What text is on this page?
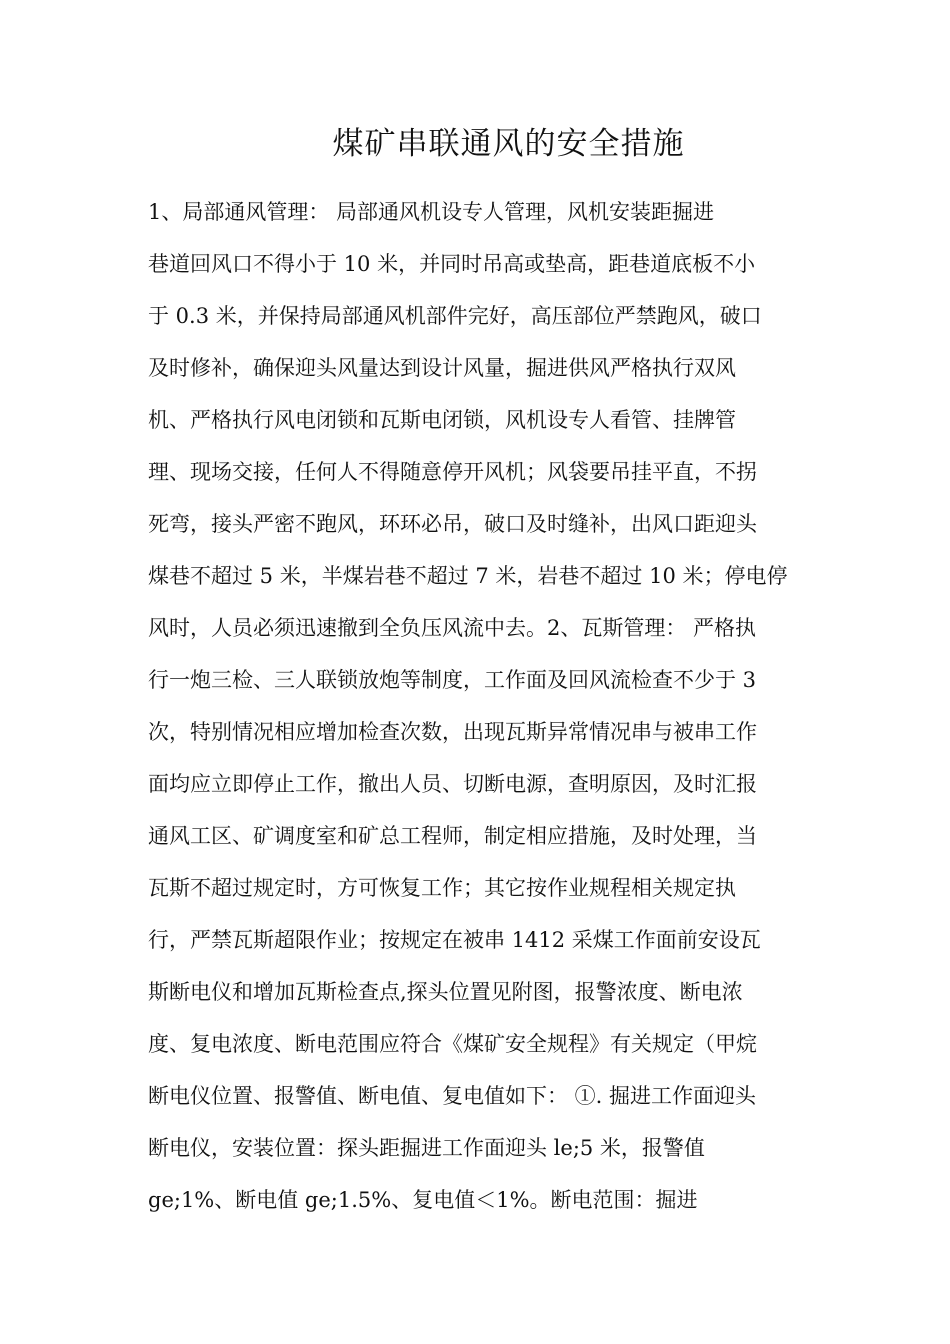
煤矿串联通风的安全措施
1、局部通风管理： 局部通风机设专人管理，风机安装距掘进
巷道回风口不得小于 10 米，并同时吊高或垫高，距巷道底板不小
于 0.3 米，并保持局部通风机部件完好，高压部位严禁跑风，破口
及时修补，确保迎头风量达到设计风量，掘进供风严格执行双风
机、严格执行风电闭锁和瓦斯电闭锁，风机设专人看管、挂牌管
理、现场交接，任何人不得随意停开风机；风袋要吊挂平直，不拐
死弯，接头严密不跑风，环环必吊，破口及时缝补，出风口距迎头
煤巷不超过 5 米，半煤岩巷不超过 7 米，岩巷不超过 10 米；停电停
风时，人员必须迅速撤到全负压风流中去。2、瓦斯管理： 严格执
行一炮三检、三人联锁放炮等制度，工作面及回风流检查不少于 3
次，特别情况相应增加检查次数，出现瓦斯异常情况串与被串工作
面均应立即停止工作，撤出人员、切断电源，查明原因，及时汇报
通风工区、矿调度室和矿总工程师，制定相应措施，及时处理，当
瓦斯不超过规定时，方可恢复工作；其它按作业规程相关规定执
行，严禁瓦斯超限作业；按规定在被串 1412 采煤工作面前安设瓦
斯断电仪和增加瓦斯检查点,探头位置见附图，报警浓度、断电浓
度、复电浓度、断电范围应符合《煤矿安全规程》有关规定（甲烷
断电仪位置、报警值、断电值、复电值如下： ①. 掘进工作面迎头
断电仪，安装位置：探头距掘进工作面迎头 le;5 米，报警值
ge;1%、断电值 ge;1.5%、复电值＜1%。断电范围：掘进
